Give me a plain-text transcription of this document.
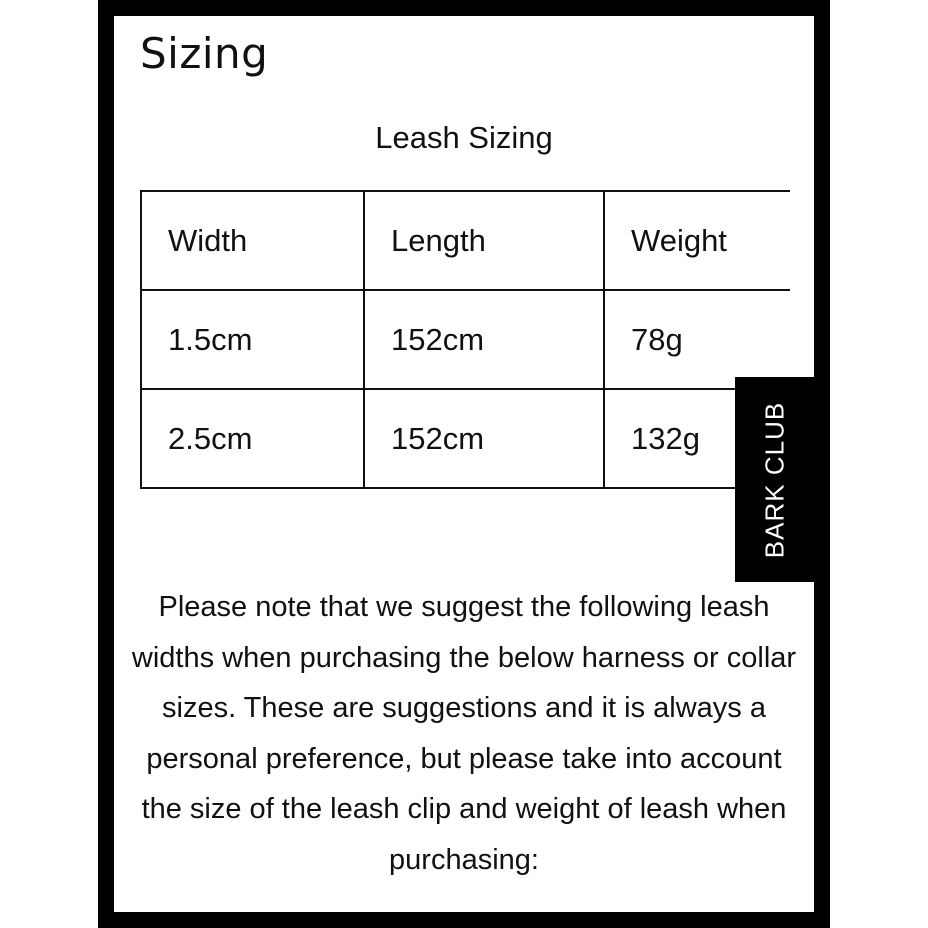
Sizing
Leash Sizing
Width	Length	Weight
1.5cm	152cm	78g
2.5cm	152cm	132g BARK CLUB

Please note that we suggest the following leash widths when purchasing the below harness or collar sizes. These are suggestions and it is always a personal preference, but please take into account the size of the leash clip and weight of leash when purchasing:
